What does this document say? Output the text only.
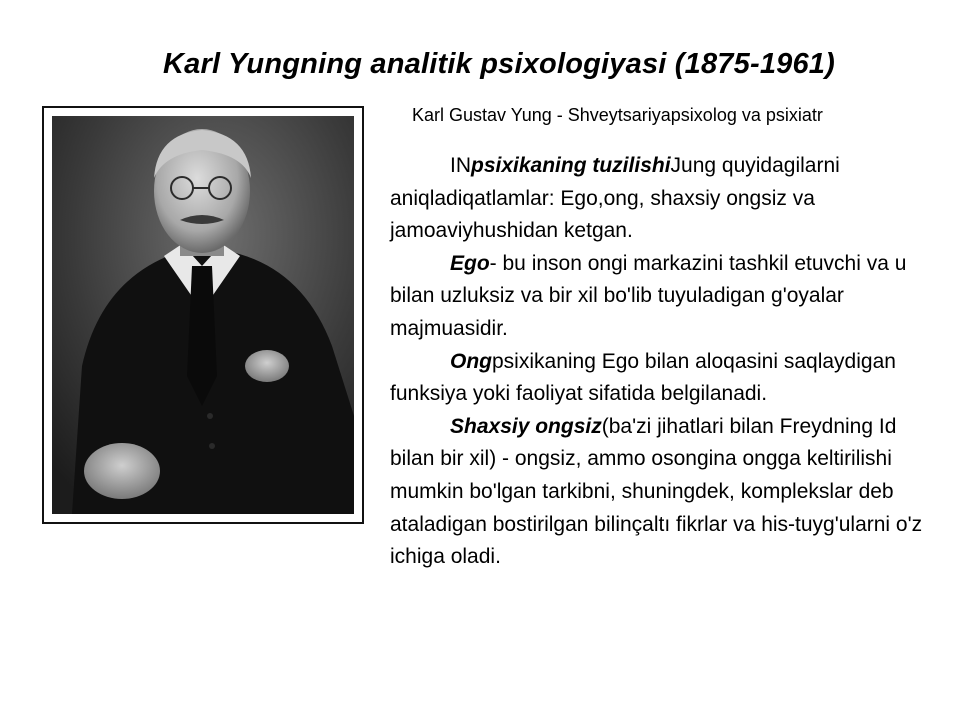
Karl Yungning analitik psixologiyasi (1875-1961)
Karl Gustav Yung - Shveytsariyapsixolog va psixiatr

INpsixikaning tuzilishiJung quyidagilarni aniqladiqatlamlar: Ego,ong, shaxsiy ongsiz va jamoaviyhushidan ketgan.

Ego- bu inson ongi markazini tashkil etuvchi va u bilan uzluksiz va bir xil bo'lib tuyuladigan g'oyalar majmuasidir.

Ongpsixikaning Ego bilan aloqasini saqlaydigan funksiya yoki faoliyat sifatida belgilanadi.

Shaxsiy ongsiz(ba'zi jihatlari bilan Freydning Id bilan bir xil) - ongsiz, ammo osongina ongga keltirilishi mumkin bo'lgan tarkibni, shuningdek, komplekslar deb ataladigan bostirilgan bilinçaltı fikrlar va his-tuyg'ularni o'z ichiga oladi.
